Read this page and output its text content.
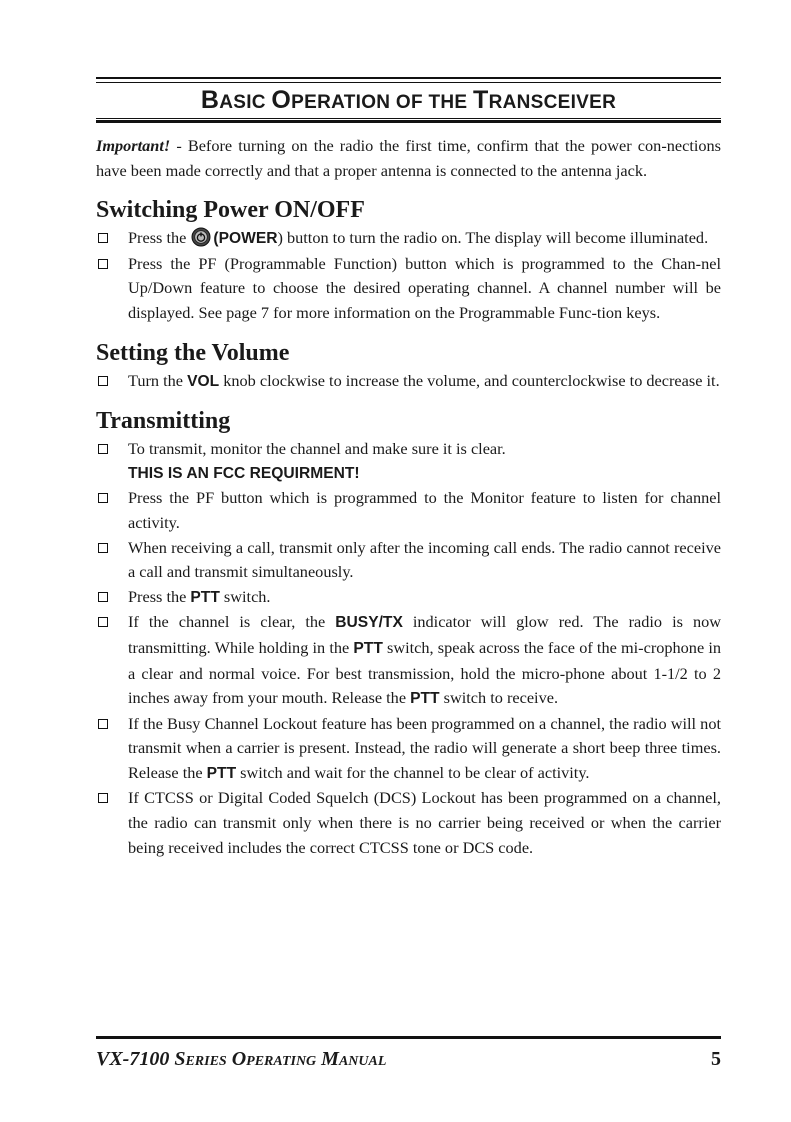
BASIC OPERATION OF THE TRANSCEIVER

Important! - Before turning on the radio the first time, confirm that the power con-nections have been made correctly and that a proper antenna is connected to the antenna jack.

Switching Power ON/OFF
Press the (POWER) button to turn the radio on. The display will become illuminated.
Press the PF (Programmable Function) button which is programmed to the Chan-nel Up/Down feature to choose the desired operating channel. A channel number will be displayed. See page 7 for more information on the Programmable Func-tion keys.
Setting the Volume
Turn the VOL knob clockwise to increase the volume, and counterclockwise to decrease it.
Transmitting
To transmit, monitor the channel and make sure it is clear.
THIS IS AN FCC REQUIRMENT!
Press the PF button which is programmed to the Monitor feature to listen for channel activity.
When receiving a call, transmit only after the incoming call ends. The radio cannot receive a call and transmit simultaneously.
Press the PTT switch.
If the channel is clear, the BUSY/TX indicator will glow red. The radio is now transmitting. While holding in the PTT switch, speak across the face of the mi-crophone in a clear and normal voice. For best transmission, hold the micro-phone about 1-1/2 to 2 inches away from your mouth. Release the PTT switch to receive.
If the Busy Channel Lockout feature has been programmed on a channel, the radio will not transmit when a carrier is present. Instead, the radio will generate a short beep three times. Release the PTT switch and wait for the channel to be clear of activity.
If CTCSS or Digital Coded Squelch (DCS) Lockout has been programmed on a channel, the radio can transmit only when there is no carrier being received or when the carrier being received includes the correct CTCSS tone or DCS code.
VX-7100 Series Operating Manual	5
